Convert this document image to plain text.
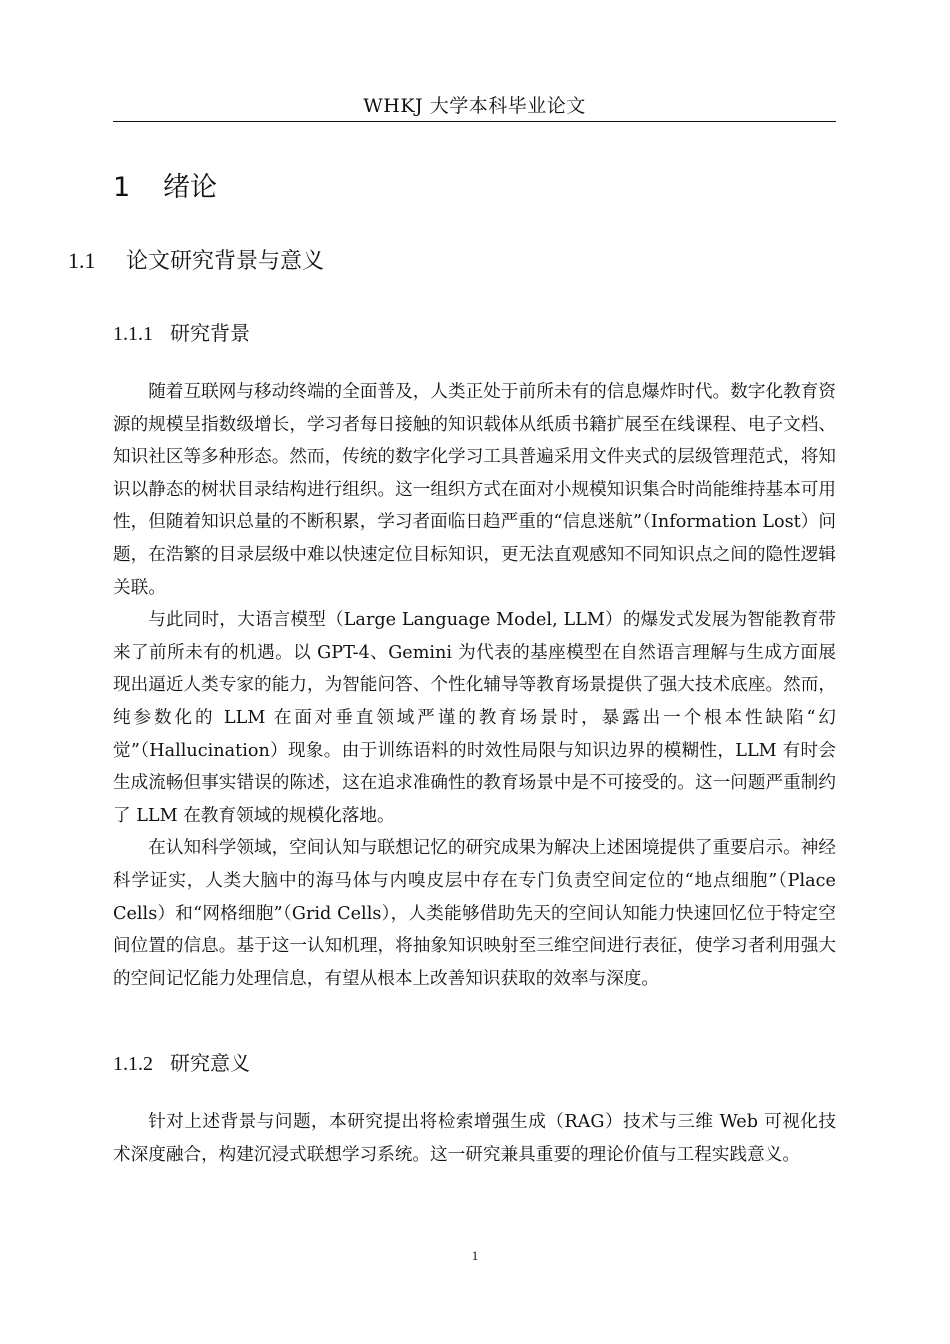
WHKJ 大学本科毕业论文
1 绪论
1.1 论文研究背景与意义
1.1.1 研究背景

随着互联网与移动终端的全面普及，人类正处于前所未有的信息爆炸时代。数字化教育资源的规模呈指数级增长，学习者每日接触的知识载体从纸质书籍扩展至在线课程、电子文档、知识社区等多种形态。然而，传统的数字化学习工具普遍采用文件夹式的层级管理范式，将知识以静态的树状目录结构进行组织。这一组织方式在面对小规模知识集合时尚能维持基本可用性，但随着知识总量的不断积累，学习者面临日趋严重的“信息迷航”（Information Lost）问题，在浩繁的目录层级中难以快速定位目标知识，更无法直观感知不同知识点之间的隐性逻辑关联。

与此同时，大语言模型（Large Language Model, LLM）的爆发式发展为智能教育带来了前所未有的机遇。以 GPT-4、Gemini 为代表的基座模型在自然语言理解与生成方面展现出逼近人类专家的能力，为智能问答、个性化辅导等教育场景提供了强大技术底座。然而，纯参数化的 LLM 在面对垂直领域严谨的教育场景时，暴露出一个根本性缺陷“幻觉”（Hallucination）现象。由于训练语料的时效性局限与知识边界的模糊性，LLM 有时会生成流畅但事实错误的陈述，这在追求准确性的教育场景中是不可接受的。这一问题严重制约了 LLM 在教育领域的规模化落地。

在认知科学领域，空间认知与联想记忆的研究成果为解决上述困境提供了重要启示。神经科学证实，人类大脑中的海马体与内嗅皮层中存在专门负责空间定位的“地点细胞”（Place Cells）和“网格细胞”（Grid Cells），人类能够借助先天的空间认知能力快速回忆位于特定空间位置的信息。基于这一认知机理，将抽象知识映射至三维空间进行表征，使学习者利用强大的空间记忆能力处理信息，有望从根本上改善知识获取的效率与深度。

1.1.2 研究意义

针对上述背景与问题，本研究提出将检索增强生成（RAG）技术与三维 Web 可视化技术深度融合，构建沉浸式联想学习系统。这一研究兼具重要的理论价值与工程实践意义。

1
